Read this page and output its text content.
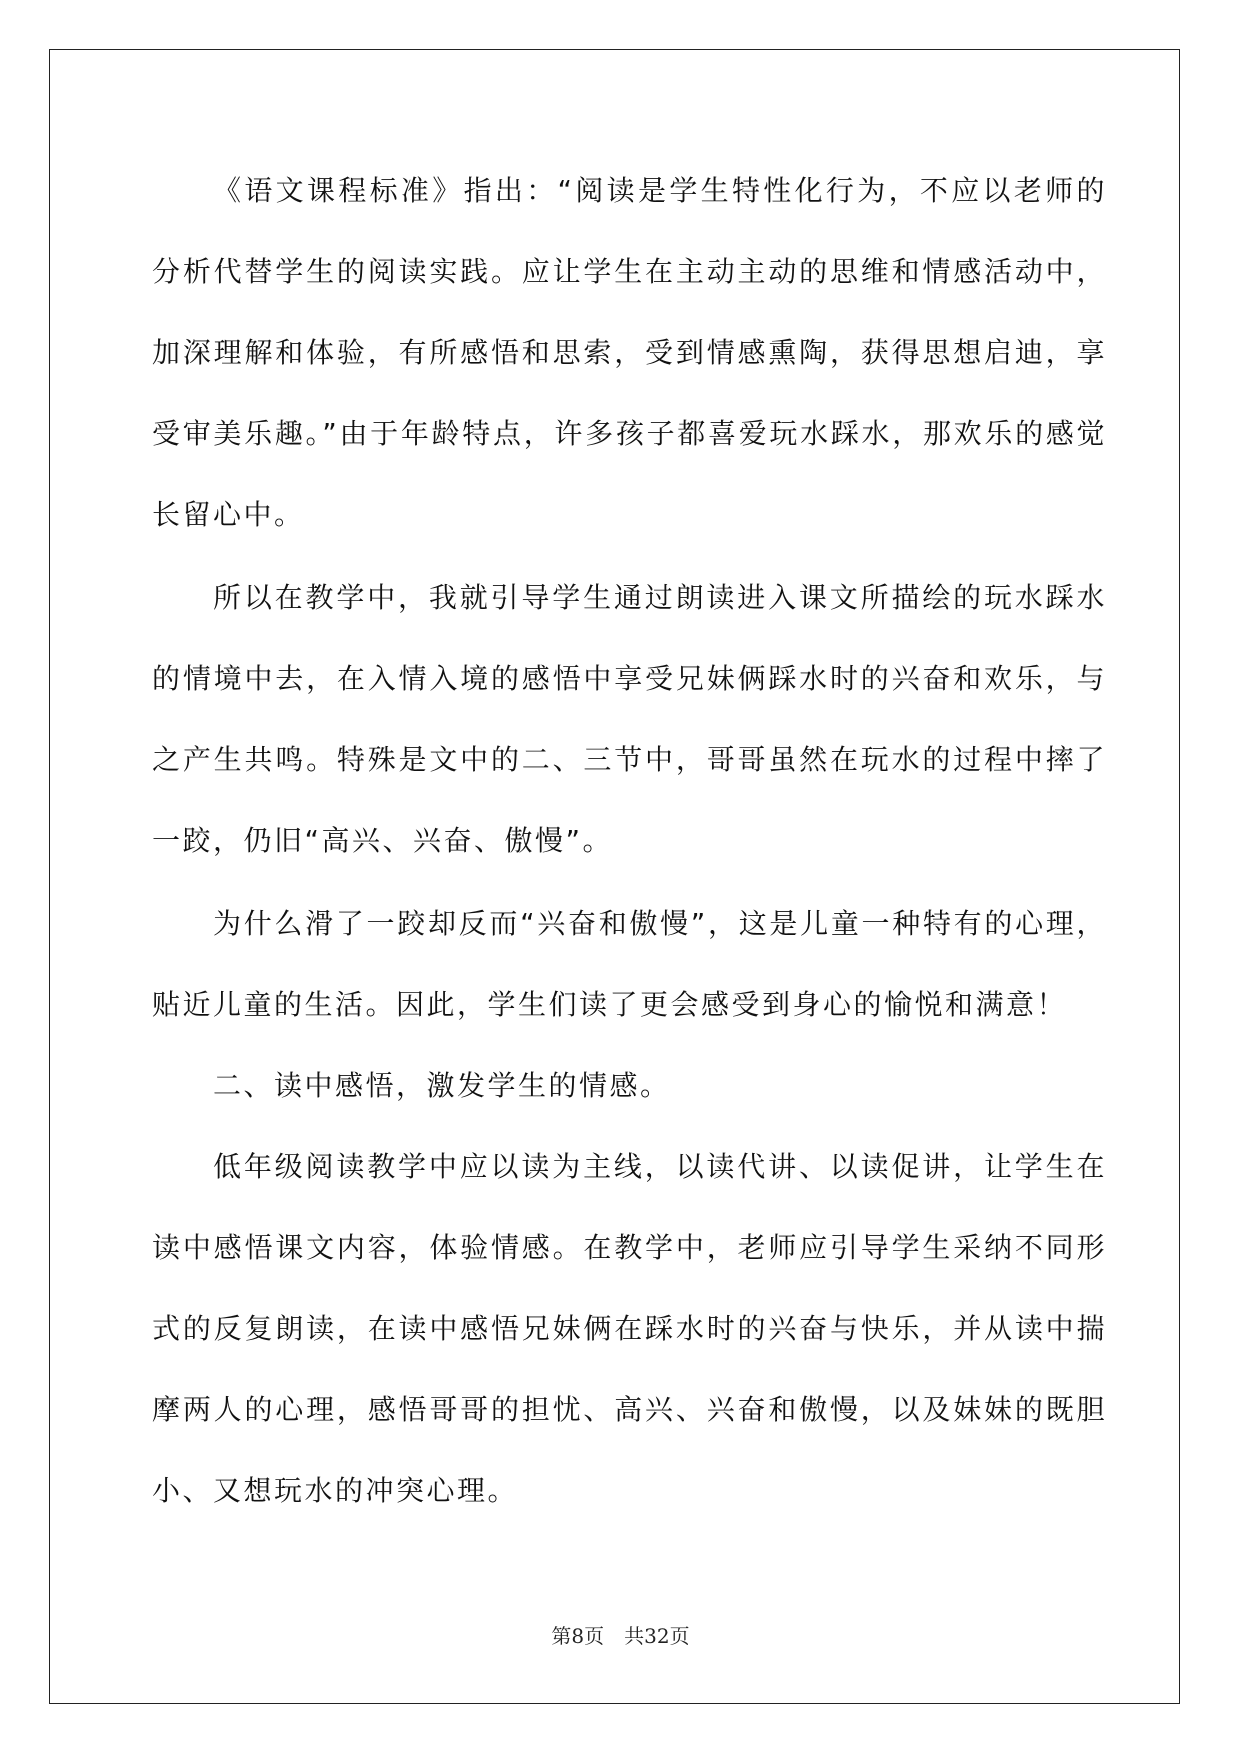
《语文课程标准》指出：“阅读是学生特性化行为，不应以老师的分析代替学生的阅读实践。应让学生在主动主动的思维和情感活动中，加深理解和体验，有所感悟和思索，受到情感熏陶，获得思想启迪，享受审美乐趣。”由于年龄特点，许多孩子都喜爱玩水踩水，那欢乐的感觉长留心中。

所以在教学中，我就引导学生通过朗读进入课文所描绘的玩水踩水的情境中去，在入情入境的感悟中享受兄妹俩踩水时的兴奋和欢乐，与之产生共鸣。特殊是文中的二、三节中，哥哥虽然在玩水的过程中摔了一跤，仍旧“高兴、兴奋、傲慢”。

为什么滑了一跤却反而“兴奋和傲慢”，这是儿童一种特有的心理，贴近儿童的生活。因此，学生们读了更会感受到身心的愉悦和满意！

二、读中感悟，激发学生的情感。

低年级阅读教学中应以读为主线，以读代讲、以读促讲，让学生在读中感悟课文内容，体验情感。在教学中，老师应引导学生采纳不同形式的反复朗读，在读中感悟兄妹俩在踩水时的兴奋与快乐，并从读中揣摩两人的心理，感悟哥哥的担忧、高兴、兴奋和傲慢，以及妹妹的既胆小、又想玩水的冲突心理。

第8页 共32页
